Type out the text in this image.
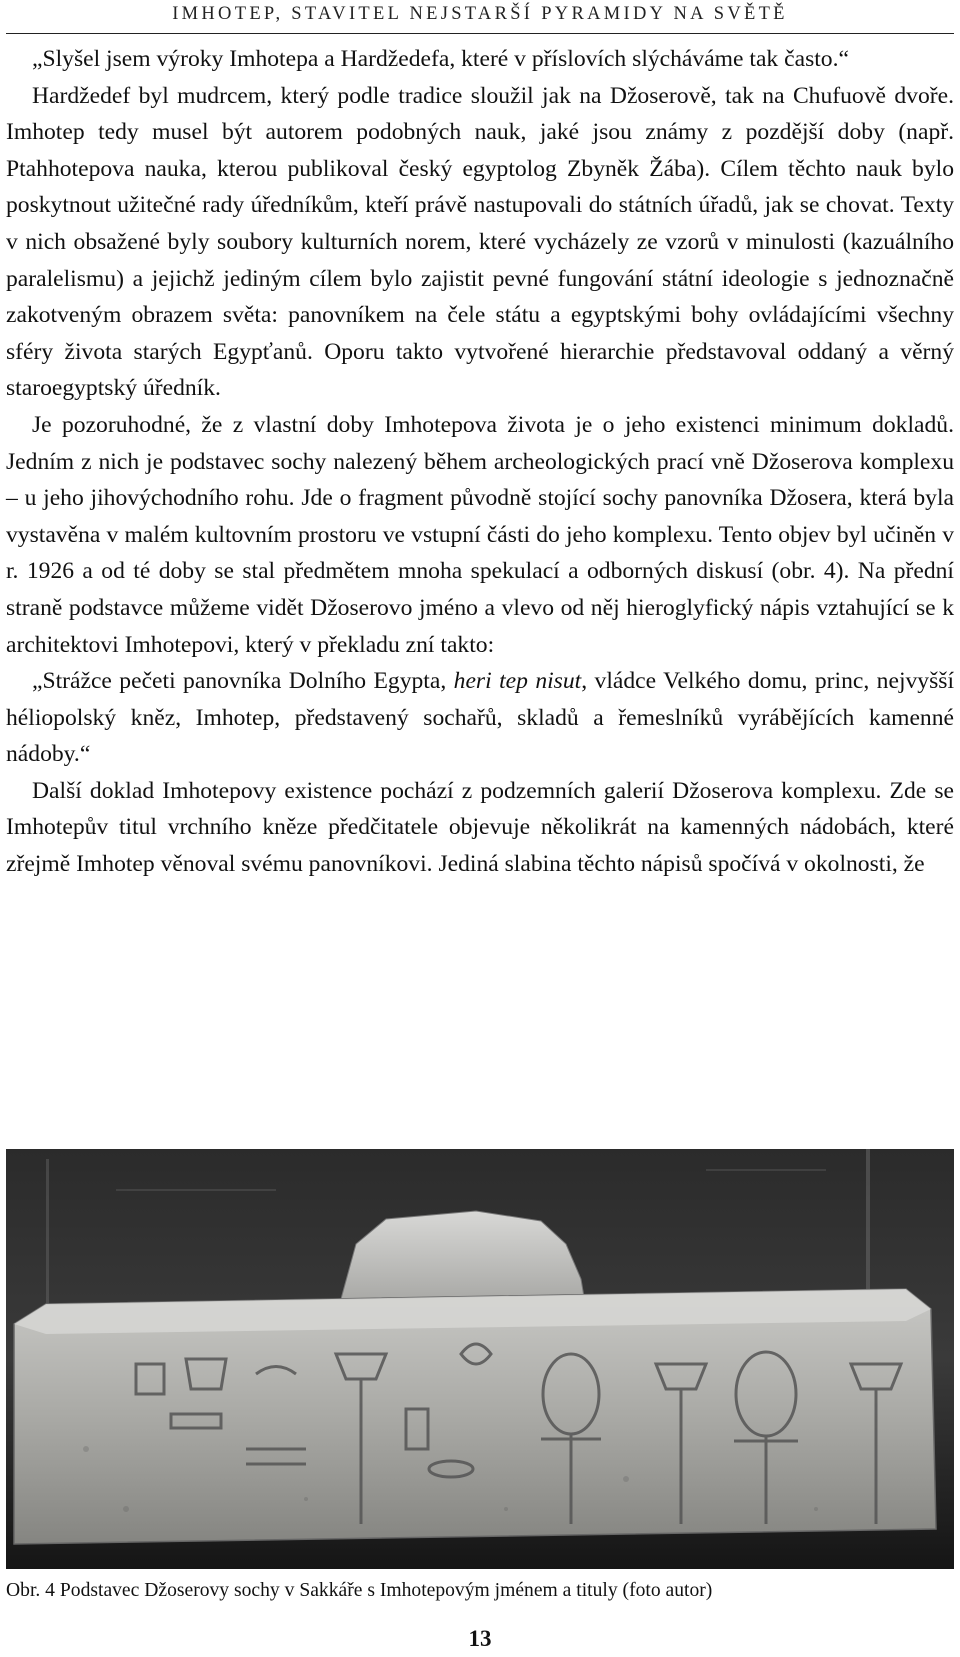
IMHOTEP, STAVITEL NEJSTARŠÍ PYRAMIDY NA SVĚTĚ

„Slyšel jsem výroky Imhotepa a Hardžedefa, které v příslovích slýcháváme tak často.“

Hardžedef byl mudrcem, který podle tradice sloužil jak na Džoserově, tak na Chufuově dvoře. Imhotep tedy musel být autorem podobných nauk, jaké jsou známy z pozdější doby (např. Ptahhotepova nauka, kterou publikoval český egyptolog Zbyněk Žába). Cílem těchto nauk bylo poskytnout užitečné rady úředníkům, kteří právě nastupovali do státních úřadů, jak se chovat. Texty v nich obsažené byly soubory kulturních norem, které vycházely ze vzorů v minulosti (kazuálního paralelismu) a jejichž jediným cílem bylo zajistit pevné fungování státní ideologie s jednoznačně zakotveným obrazem světa: panovníkem na čele státu a egyptskými bohy ovládajícími všechny sféry života starých Egypťanů. Oporu takto vytvořené hierarchie představoval oddaný a věrný staroegyptský úředník.

Je pozoruhodné, že z vlastní doby Imhotepova života je o jeho existenci minimum dokladů. Jedním z nich je podstavec sochy nalezený během archeologických prací vně Džoserova komplexu – u jeho jihovýchodního rohu. Jde o fragment původně stojící sochy panovníka Džosera, která byla vystavěna v malém kultovním prostoru ve vstupní části do jeho komplexu. Tento objev byl učiněn v r. 1926 a od té doby se stal předmětem mnoha spekulací a odborných diskusí (obr. 4). Na přední straně podstavce můžeme vidět Džoserovo jméno a vlevo od něj hieroglyfický nápis vztahující se k architektovi Imhotepovi, který v překladu zní takto:

„Strážce pečeti panovníka Dolního Egypta, heri tep nisut, vládce Velkého domu, princ, nejvyšší héliopolský kněz, Imhotep, představený sochařů, skladů a řemeslníků vyrábějících kamenné nádoby.“

Další doklad Imhotepovy existence pochází z podzemních galerií Džoserova komplexu. Zde se Imhotepův titul vrchního kněze předčitatele objevuje několikrát na kamenných nádobách, které zřejmě Imhotep věnoval svému panovníkovi. Jediná slabina těchto nápisů spočívá v okolnosti, že

Obr. 4 Podstavec Džoserovy sochy v Sakkáře s Imhotepovým jménem a tituly (foto autor)
13
